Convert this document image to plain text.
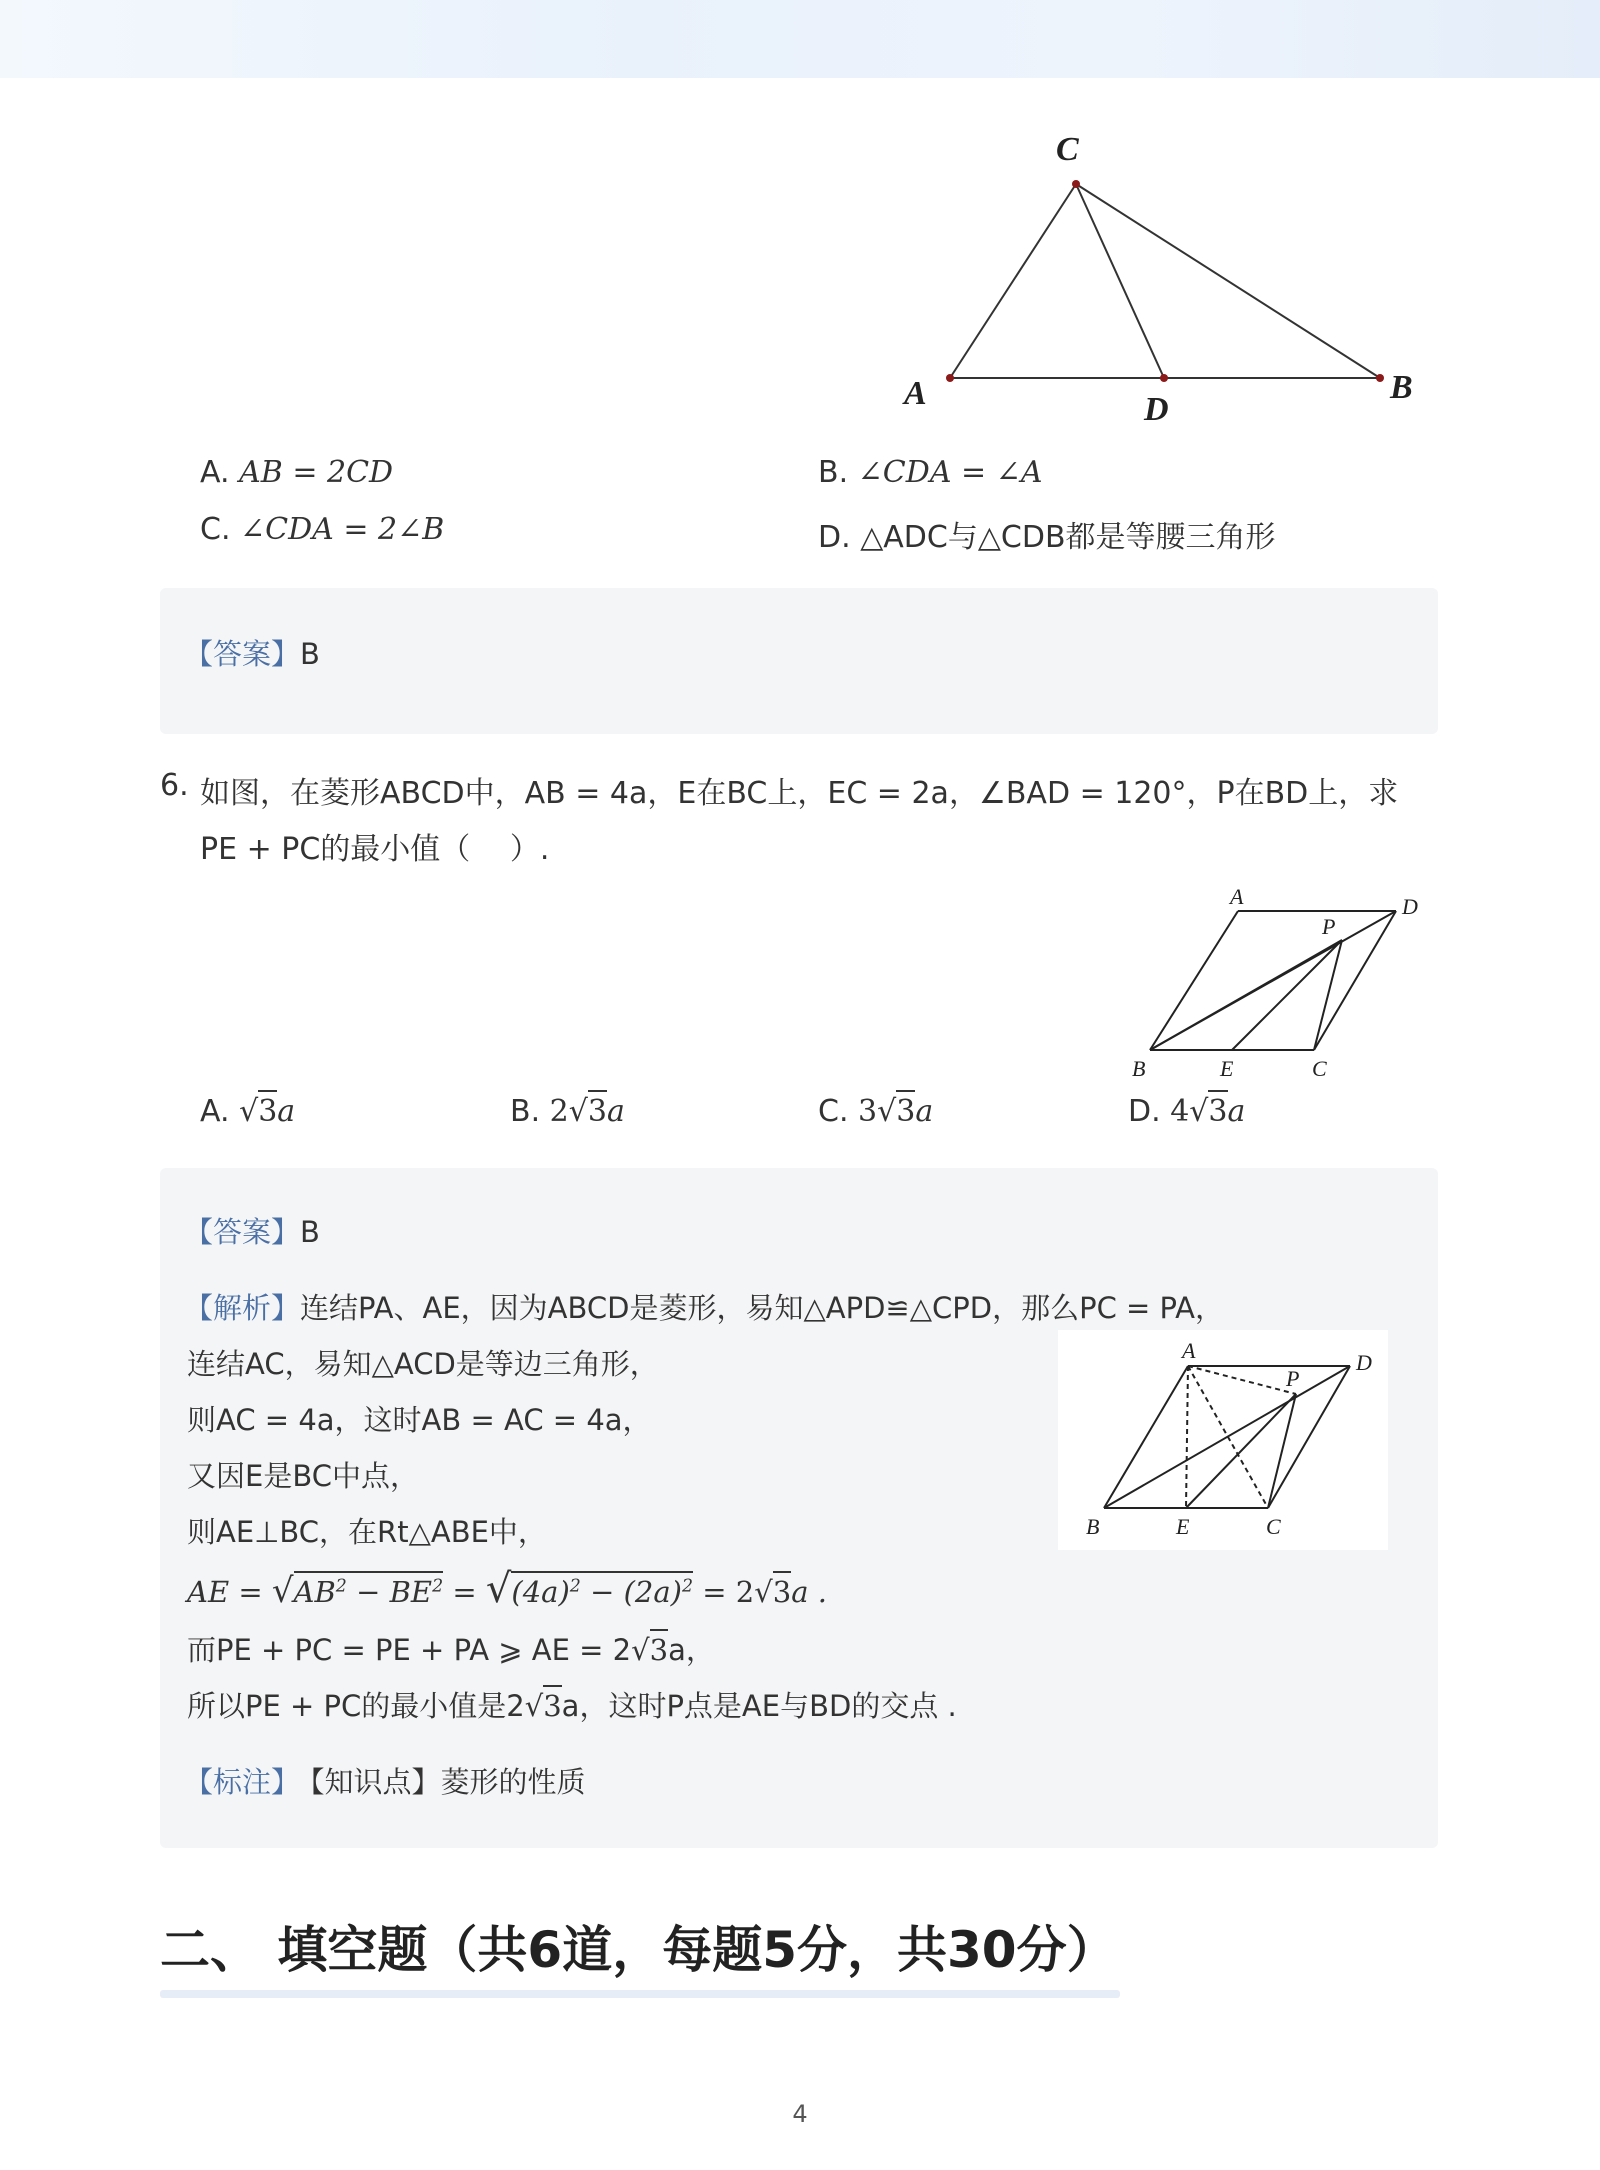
C
A	D
B
A. AB = 2CD	B. ∠CDA = ∠A
C. ∠CDA = 2∠B	D. △ADC与△CDB都是等腰三角形
【答案】B
6. 如图，在菱形ABCD中，AB = 4a，E在BC上，EC = 2a，∠BAD = 120°，P在BD上，求
PE + PC的最小值（　 ）.
A	D
P
B	E	C
A. √3a	B. 2√3a	C. 3√3a	D. 4√3a
【答案】B
【解析】连结PA、AE，因为ABCD是菱形，易知△APD≌△CPD，那么PC = PA，
连结AC，易知△ACD是等边三角形，
则AC = 4a，这时AB = AC = 4a，
又因E是BC中点，
则AE⊥BC，在Rt△ABE中，
AE = $√AB^2 - BE^2 = √(4a)^2 - (2a)^2 = 2√3a$ .
而PE + PC = PE + PA ⩾ AE = 2√3a，
所以PE + PC的最小值是2√3a，这时P点是AE与BD的交点 .
【标注】 【知识点】菱形的性质
A	D
P
B	E	C
二、 填空题（共6道，每题5分，共30分）
4
